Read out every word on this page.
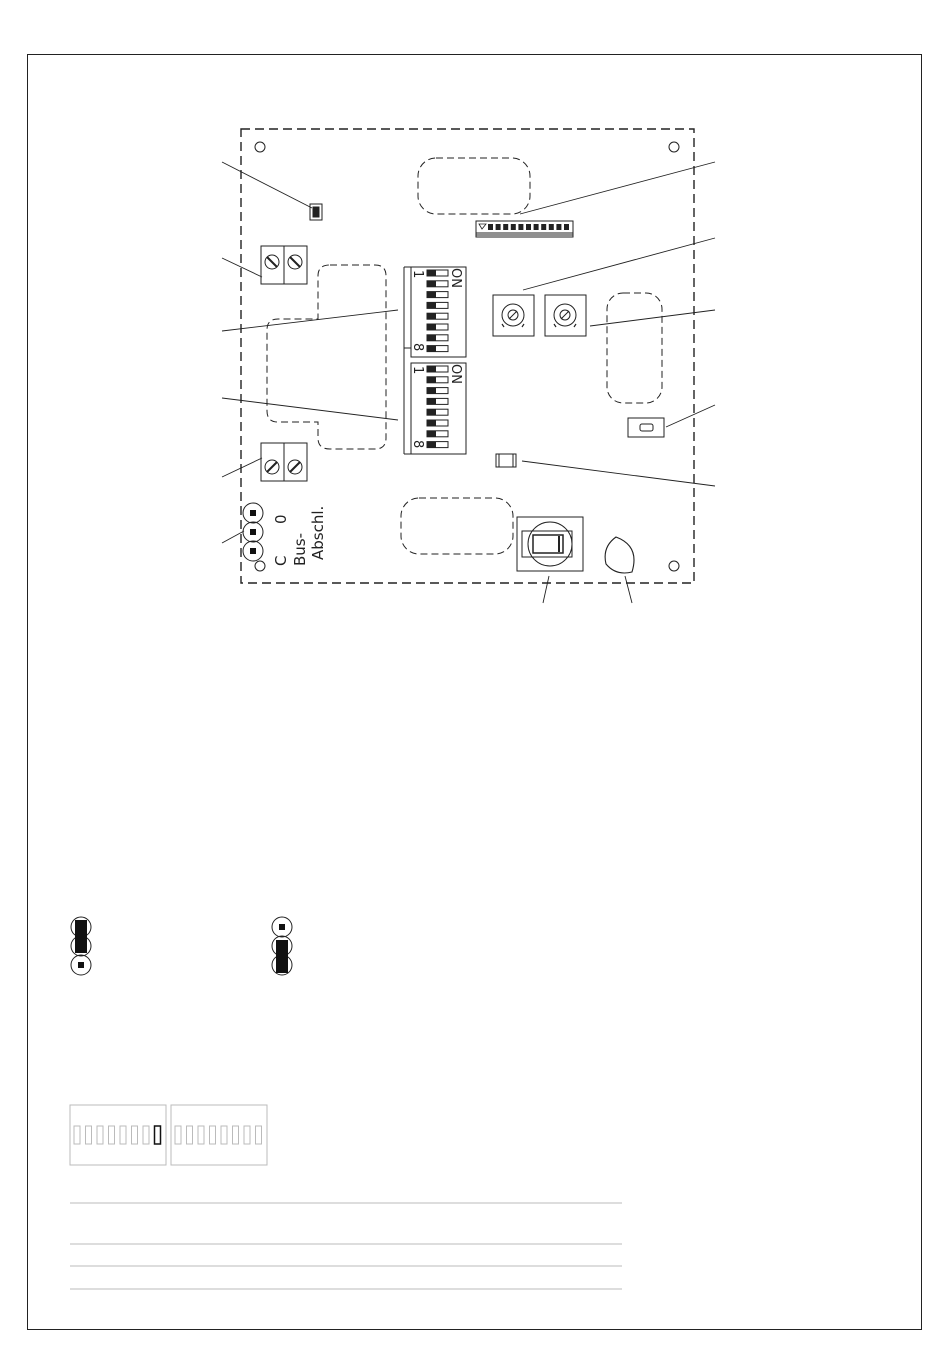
C
0
Bus- Abschl.
ON
1
8
ON
1
8
